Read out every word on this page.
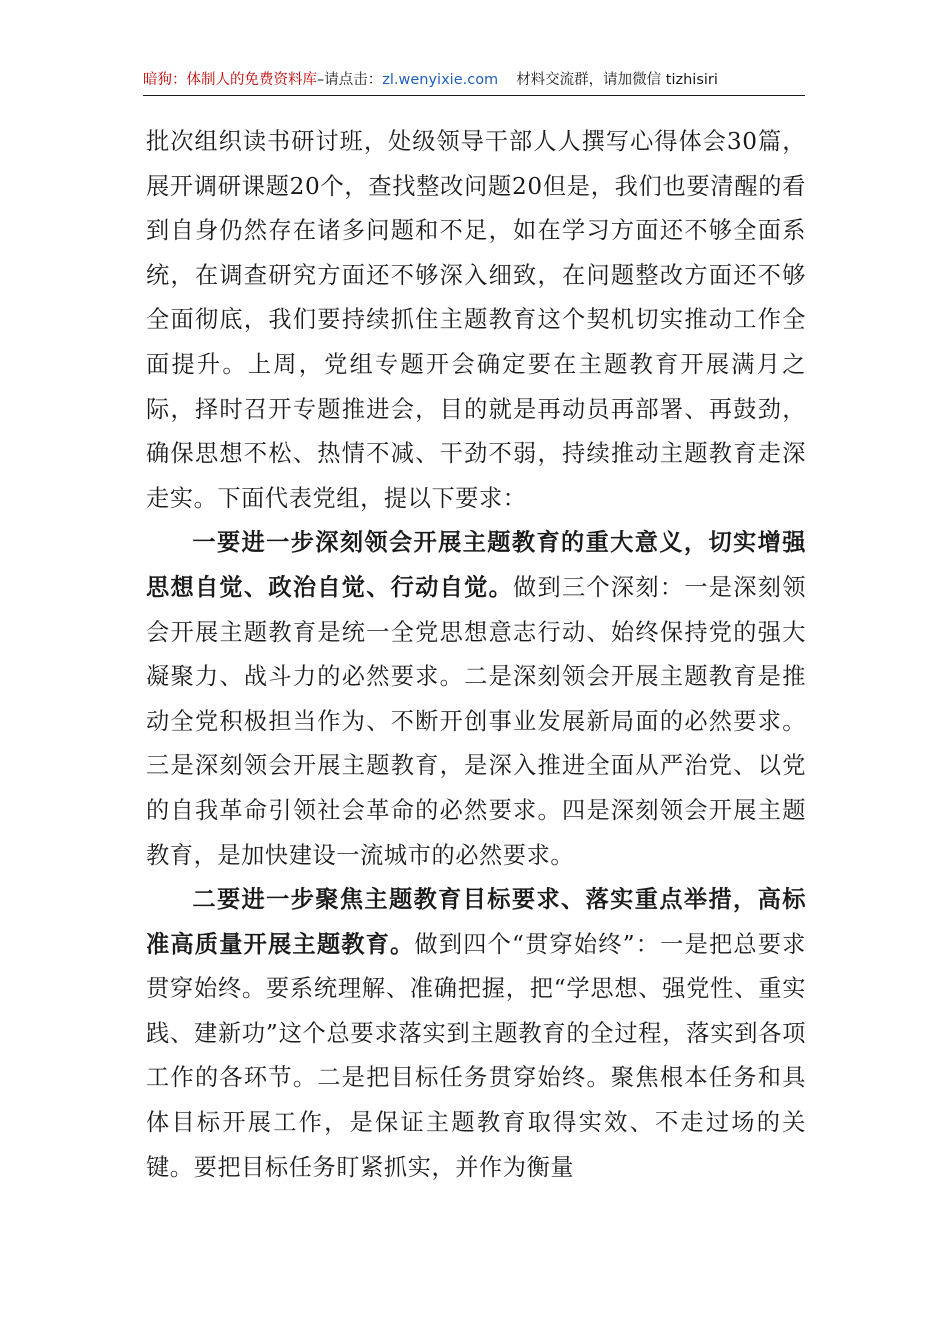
暗狗：体制人的免费资料库–请点击：zl.wenyixie.com 材料交流群，请加微信 tizhisiri

批次组织读书研讨班，处级领导干部人人撰写心得体会30篇，展开调研课题20个，查找整改问题20但是，我们也要清醒的看到自身仍然存在诸多问题和不足，如在学习方面还不够全面系统，在调查研究方面还不够深入细致，在问题整改方面还不够全面彻底，我们要持续抓住主题教育这个契机切实推动工作全面提升。上周，党组专题开会确定要在主题教育开展满月之际，择时召开专题推进会，目的就是再动员再部署、再鼓劲，确保思想不松、热情不减、干劲不弱，持续推动主题教育走深走实。下面代表党组，提以下要求：

一要进一步深刻领会开展主题教育的重大意义，切实增强思想自觉、政治自觉、行动自觉。做到三个深刻：一是深刻领会开展主题教育是统一全党思想意志行动、始终保持党的强大凝聚力、战斗力的必然要求。二是深刻领会开展主题教育是推动全党积极担当作为、不断开创事业发展新局面的必然要求。三是深刻领会开展主题教育，是深入推进全面从严治党、以党的自我革命引领社会革命的必然要求。四是深刻领会开展主题教育，是加快建设一流城市的必然要求。

二要进一步聚焦主题教育目标要求、落实重点举措，高标准高质量开展主题教育。做到四个“贯穿始终”：一是把总要求贯穿始终。要系统理解、准确把握，把“学思想、强党性、重实践、建新功”这个总要求落实到主题教育的全过程，落实到各项工作的各环节。二是把目标任务贯穿始终。聚焦根本任务和具体目标开展工作，是保证主题教育取得实效、不走过场的关键。要把目标任务盯紧抓实，并作为衡量
